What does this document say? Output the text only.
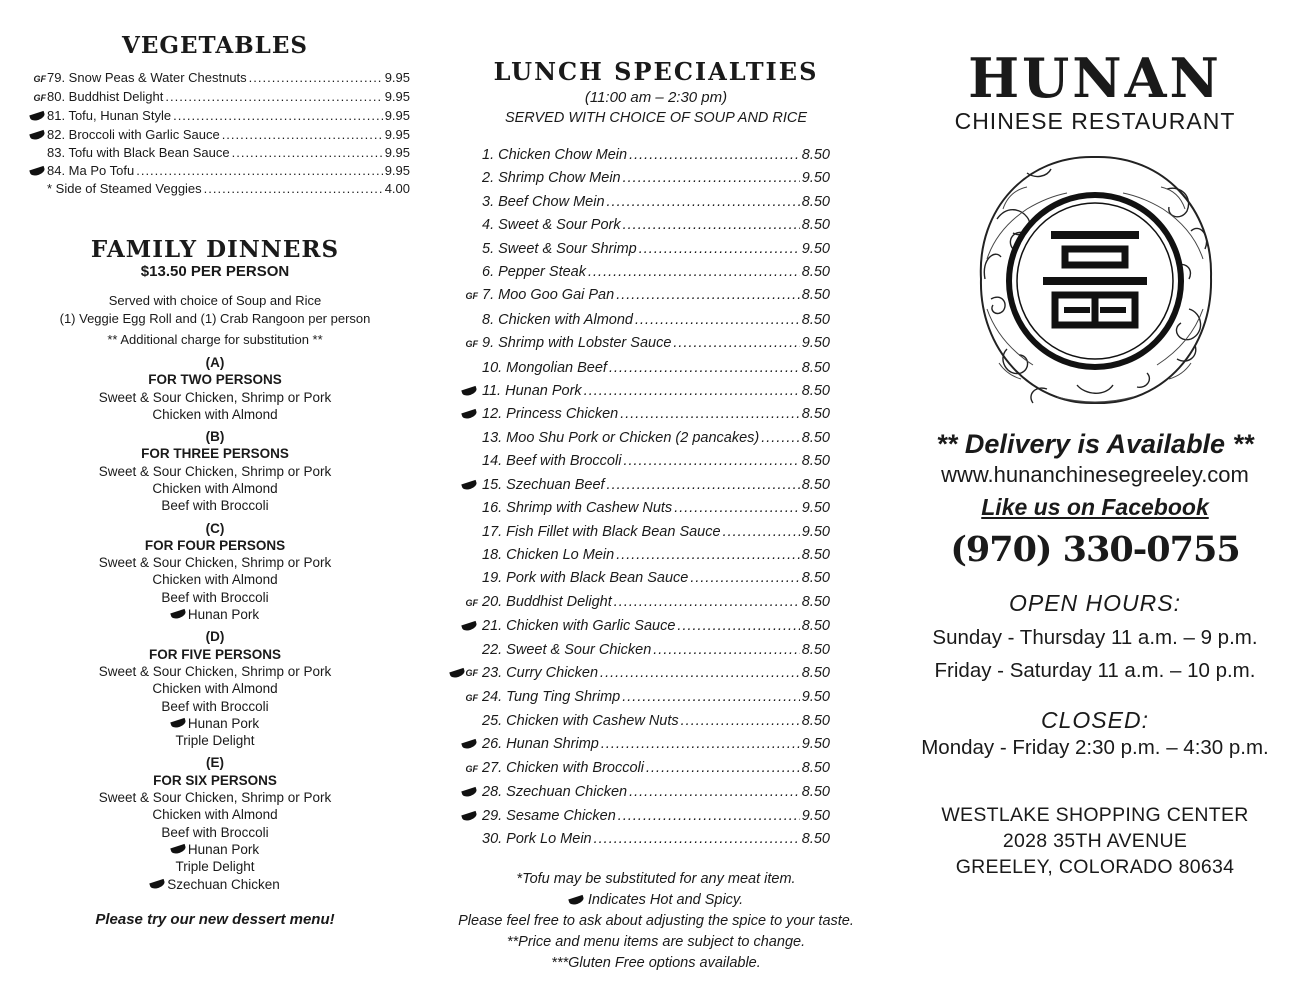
VEGETABLES
GF 79. Snow Peas & Water Chestnuts .....	9.95
GF 80. Buddhist Delight .....	9.95
81. Tofu, Hunan Style .....	9.95
82. Broccoli with Garlic Sauce .....	9.95
83. Tofu with Black Bean Sauce .....	9.95
84. Ma Po Tofu .....	9.95
* Side of Steamed Veggies .....	4.00
FAMILY DINNERS
$13.50 PER PERSON
Served with choice of Soup and Rice
(1) Veggie Egg Roll and (1) Crab Rangoon per person
** Additional charge for substitution **
(A)
FOR TWO PERSONS
Sweet & Sour Chicken, Shrimp or Pork
Chicken with Almond
(B)
FOR THREE PERSONS
Sweet & Sour Chicken, Shrimp or Pork
Chicken with Almond
Beef with Broccoli
(C)
FOR FOUR PERSONS
Sweet & Sour Chicken, Shrimp or Pork
Chicken with Almond
Beef with Broccoli
Hunan Pork
(D)
FOR FIVE PERSONS
Sweet & Sour Chicken, Shrimp or Pork
Chicken with Almond
Beef with Broccoli
Hunan Pork
Triple Delight
(E)
FOR SIX PERSONS
Sweet & Sour Chicken, Shrimp or Pork
Chicken with Almond
Beef with Broccoli
Hunan Pork
Triple Delight
Szechuan Chicken
Please try our new dessert menu!
LUNCH SPECIALTIES
(11:00 am – 2:30 pm)
SERVED WITH CHOICE OF SOUP AND RICE
1. Chicken Chow Mein .....	8.50
2. Shrimp Chow Mein .....	9.50
3. Beef Chow Mein .....	8.50
4. Sweet & Sour Pork .....	8.50
5. Sweet & Sour Shrimp .....	9.50
6. Pepper Steak .....	8.50
GF 7. Moo Goo Gai Pan .....	8.50
8. Chicken with Almond .....	8.50
GF 9. Shrimp with Lobster Sauce .....	9.50
10. Mongolian Beef .....	8.50
11. Hunan Pork .....	8.50
12. Princess Chicken .....	8.50
13. Moo Shu Pork or Chicken (2 pancakes) .....	8.50
14. Beef with Broccoli .....	8.50
15. Szechuan Beef .....	8.50
16. Shrimp with Cashew Nuts .....	9.50
17. Fish Fillet with Black Bean Sauce .....	9.50
18. Chicken Lo Mein .....	8.50
19. Pork with Black Bean Sauce .....	8.50
GF 20. Buddhist Delight .....	8.50
21. Chicken with Garlic Sauce .....	8.50
22. Sweet & Sour Chicken .....	8.50
GF 23. Curry Chicken .....	8.50
GF 24. Tung Ting Shrimp .....	9.50
25. Chicken with Cashew Nuts .....	8.50
26. Hunan Shrimp .....	9.50
GF 27. Chicken with Broccoli .....	8.50
28. Szechuan Chicken .....	8.50
29. Sesame Chicken .....	9.50
30. Pork Lo Mein .....	8.50
*Tofu may be substituted for any meat item.
Indicates Hot and Spicy.
Please feel free to ask about adjusting the spice to your taste.
**Price and menu items are subject to change.
***Gluten Free options available.
HUNAN
CHINESE RESTAURANT
** Delivery is Available **
www.hunanchinesegreeley.com
Like us on Facebook
(970) 330-0755
OPEN HOURS:
Sunday - Thursday 11 a.m. – 9 p.m.
Friday - Saturday 11 a.m. – 10 p.m.
CLOSED:
Monday - Friday 2:30 p.m. – 4:30 p.m.
WESTLAKE SHOPPING CENTER
2028 35TH AVENUE
GREELEY, COLORADO 80634
